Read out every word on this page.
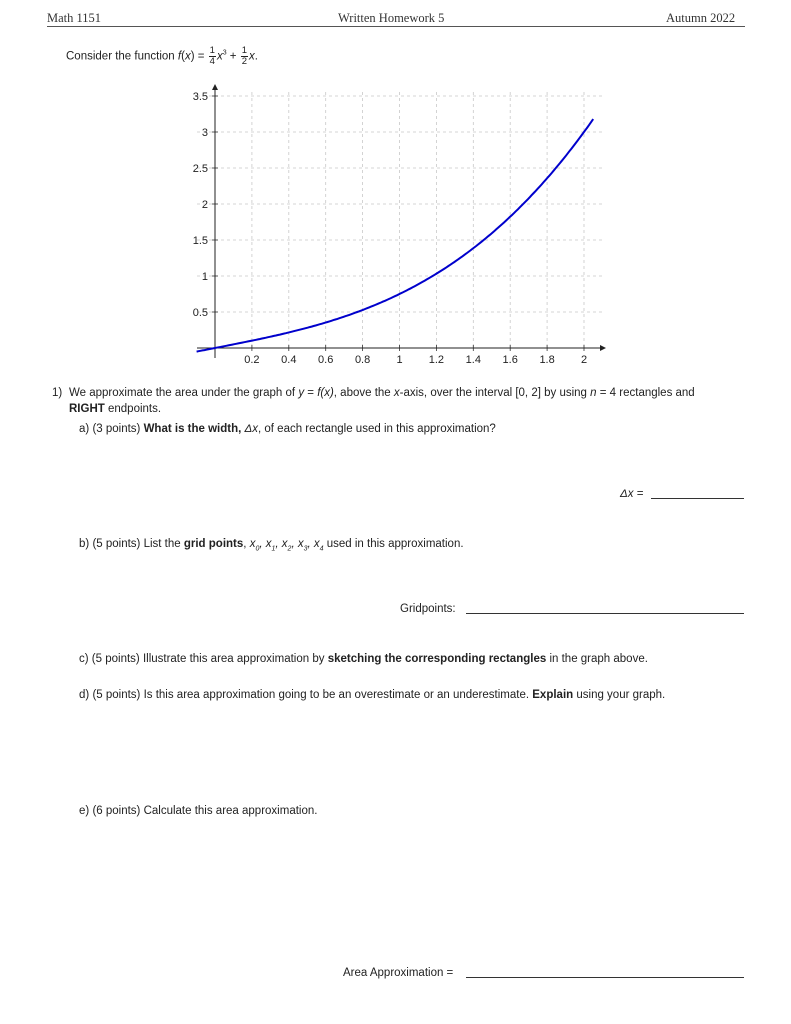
Math 1151	Written Homework 5	Autumn 2022
Consider the function $f(x) = \frac{1}{4} x^3 + \frac{1}{2} x$.
0.2 0.4 0.6 0.8 1 1.2 1.4 1.6 1.8 2
0.5
1
1.5
2
2.5
3
3.5
1) We approximate the area under the graph of y = f(x), above the x-axis, over the interval [0, 2] by using n = 4 rectangles and
RIGHT endpoints.
a) (3 points) What is the width, Δx, of each rectangle used in this approximation?
Δx =
b) (5 points) List the grid points, $x_0$, $x_1$, $x_2$, $x_3$, $x_4$ used in this approximation.
Gridpoints:
c) (5 points) Illustrate this area approximation by sketching the corresponding rectangles in the graph above.
d) (5 points) Is this area approximation going to be an overestimate or an underestimate. Explain using your graph.
e) (6 points) Calculate this area approximation.
Area Approximation =
